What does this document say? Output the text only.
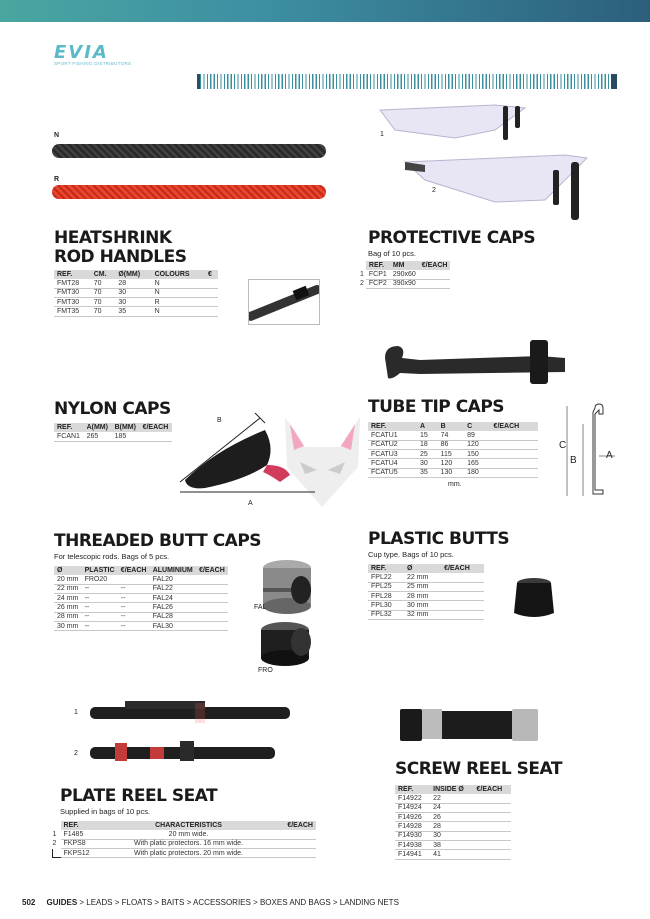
EVIA
SPORT FISHING DISTRIBUTORS
N
R
1
2
HEATSHRINK
ROD HANDLES
REF.	CM.	Ø(MM)	COLOURS	€
FMT28	70	28	N	
FMT30	70	30	N	
FMT30	70	30	R	
FMT35	70	35	N	
PROTECTIVE CAPS
Bag of 10 pcs.
	REF.	MM	€/EACH
1	FCP1	290x60	
2	FCP2	390x90	
NYLON CAPS
REF.	A(MM)	B(MM)	€/EACH
FCAN1	265	185	
B
A
TUBE TIP CAPS
REF.	A	B	C	€/EACH
FCATU1	15	74	89	
FCATU2	18	86	120	
FCATU3	25	115	150	
FCATU4	30	120	165	
FCATU5	35	130	180	
mm.
C
B	A
THREADED BUTT CAPS
For telescopic rods. Bags of 5 pcs.
Ø	PLASTIC	€/EACH	ALUMINIUM	€/EACH
20 mm	FRO20		FAL20	
22 mm	--	--	FAL22	
24 mm	--	--	FAL24	
26 mm	--	--	FAL26	
28 mm	--	--	FAL28	
30 mm	--	--	FAL30	
FAL
FRO
PLASTIC BUTTS
Cup type. Bags of 10 pcs.
REF.	Ø	€/EACH
FPL22	22 mm	
FPL25	25 mm	
FPL28	28 mm	
FPL30	30 mm	
FPL32	32 mm	
1
2
PLATE REEL SEAT
Supplied in bags of 10 pcs.
	REF.	CHARACTERISTICS	€/EACH
1	F1485	20 mm wide.	
2	FKPS8	With platic protectors. 16 mm wide.	
	FKPS12	With platic protectors. 20 mm wide.	
SCREW REEL SEAT
REF.	INSIDE Ø	€/EACH
F14922	22	
F14924	24	
F14926	26	
F14928	28	
F14930	30	
F14938	38	
F14941	41	
502 GUIDES > LEADS > FLOATS > BAITS > ACCESSORIES > BOXES AND BAGS > LANDING NETS
